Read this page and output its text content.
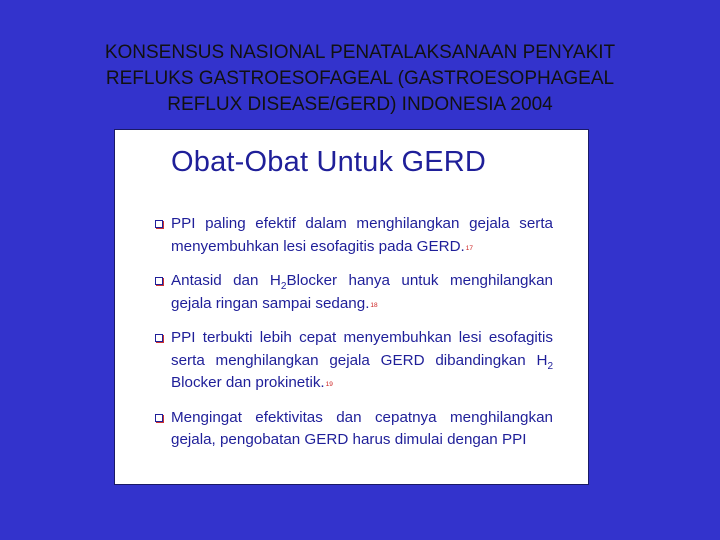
KONSENSUS NASIONAL PENATALAKSANAAN PENYAKIT
REFLUKS GASTROESOFAGEAL (GASTROESOPHAGEAL
REFLUX DISEASE/GERD) INDONESIA 2004
Obat-Obat Untuk GERD
PPI paling efektif dalam menghilangkan gejala serta menyembuhkan lesi esofagitis pada GERD.17
Antasid dan $H_2Blocker$ hanya untuk menghilangkan gejala ringan sampai sedang.18
PPI terbukti lebih cepat menyembuhkan lesi esofagitis serta menghilangkan gejala GERD dibandingkan $H_2$ Blocker dan prokinetik.19
Mengingat efektivitas dan cepatnya menghilangkan gejala, pengobatan GERD harus dimulai dengan PPI
